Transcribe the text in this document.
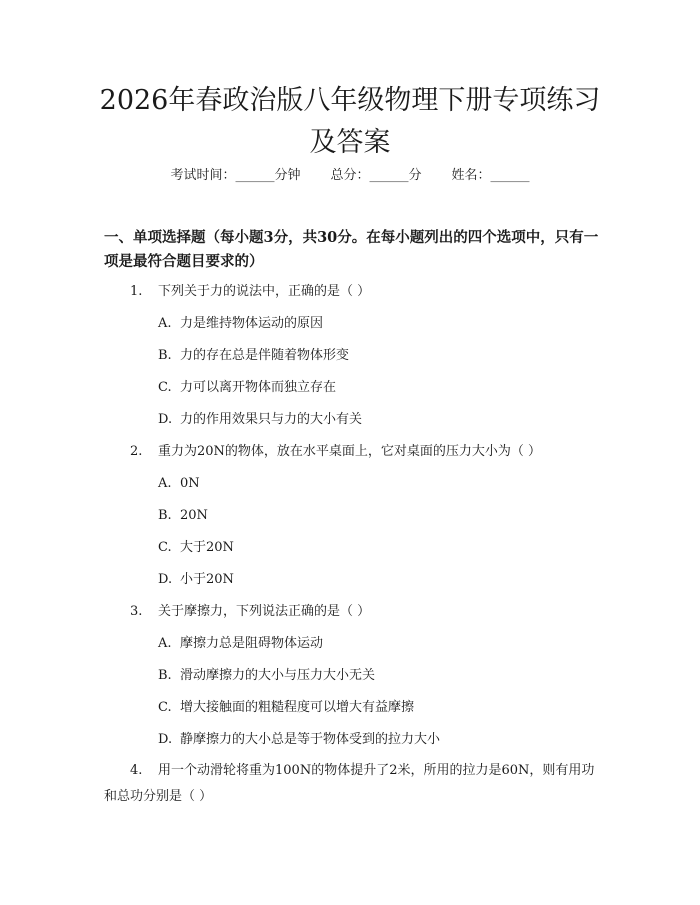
2026年春政治版八年级物理下册专项练习及答案
考试时间：______分钟 总分：______分 姓名：______
一、单项选择题（每小题3分，共30分。在每小题列出的四个选项中，只有一项是最符合题目要求的）
1. 下列关于力的说法中，正确的是（ ）
A. 力是维持物体运动的原因
B. 力的存在总是伴随着物体形变
C. 力可以离开物体而独立存在
D. 力的作用效果只与力的大小有关
2. 重力为20N的物体，放在水平桌面上，它对桌面的压力大小为（ ）
A. 0N
B. 20N
C. 大于20N
D. 小于20N
3. 关于摩擦力，下列说法正确的是（ ）
A. 摩擦力总是阻碍物体运动
B. 滑动摩擦力的大小与压力大小无关
C. 增大接触面的粗糙程度可以增大有益摩擦
D. 静摩擦力的大小总是等于物体受到的拉力大小
4. 用一个动滑轮将重为100N的物体提升了2米，所用的拉力是60N，则有用功和总功分别是（ ）
